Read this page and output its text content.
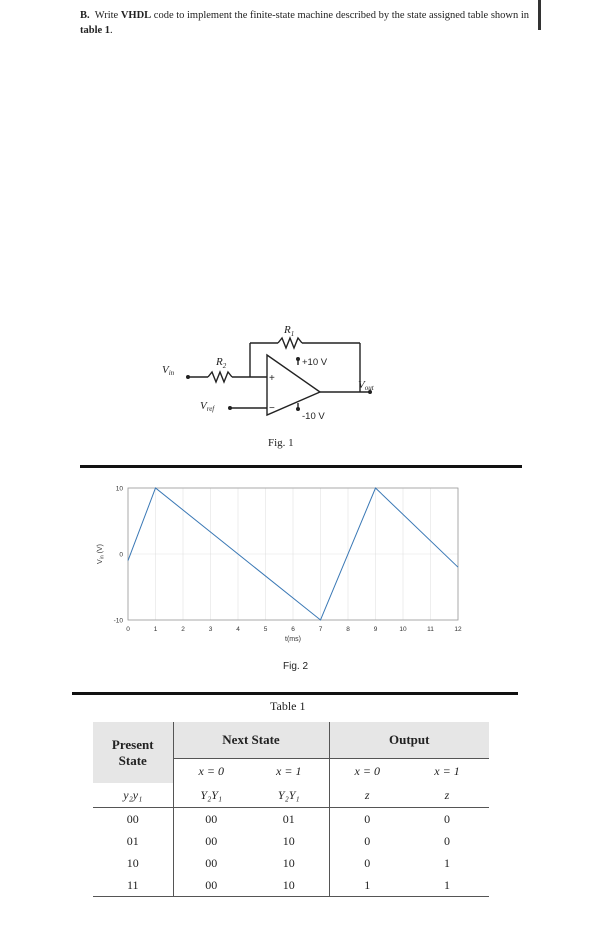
B. Write VHDL code to implement the finite-state machine described by the state assigned table shown in table 1.
$R_1$
$R_2$
Vin
Vref
Vout
+10 V
-10 V
+
−
Fig. 1
0	1	2	3	4	5	6	7	8	9	10	11	12
-10
0
10
t(ms)
$V_{in}$ (V)
Fig. 2
Table 1
Present
State	Next State		Output	
	x = 0	x = 1	x = 0	x = 1
y₂y₁	Y₂Y₁	Y₂Y₁	z	z
00	00	01	0	0
01	00	10	0	0
10	00	10	0	1
11	00	10	1	1
